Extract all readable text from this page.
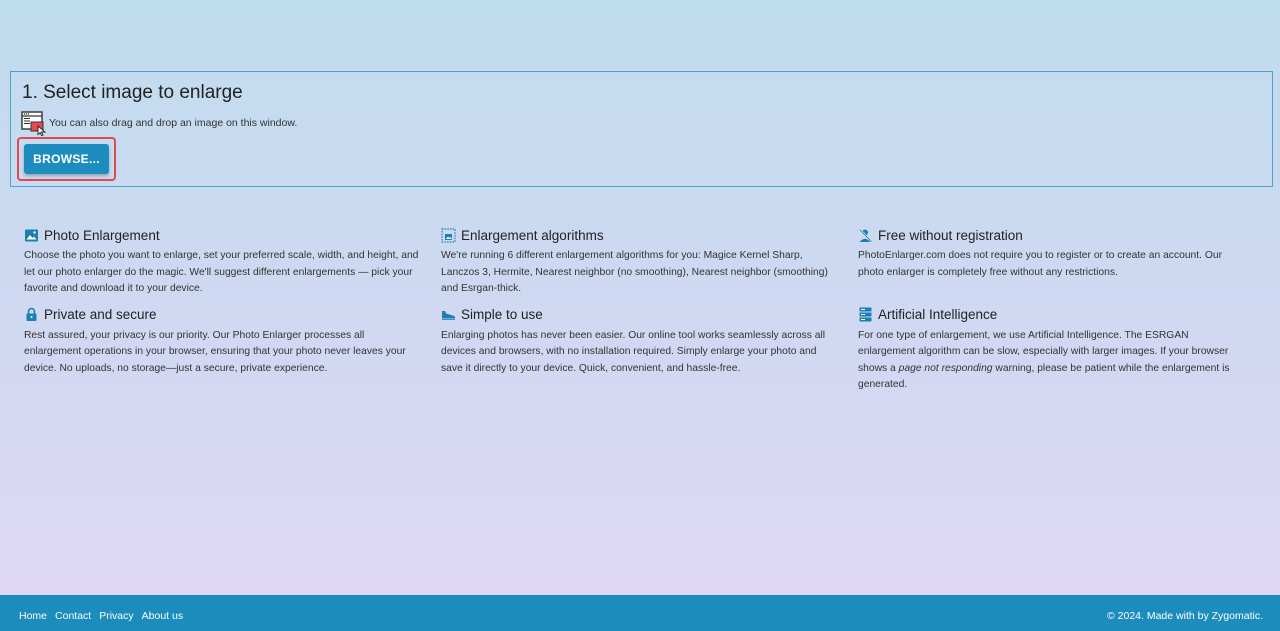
1. Select image to enlarge
You can also drag and drop an image on this window.
BROWSE...
Photo Enlargement

Choose the photo you want to enlarge, set your preferred scale, width, and height, and let our photo enlarger do the magic. We'll suggest different enlargements — pick your favorite and download it to your device.

Enlargement algorithms

We're running 6 different enlargement algorithms for you: Magice Kernel Sharp, Lanczos 3, Hermite, Nearest neighbor (no smoothing), Nearest neighbor (smoothing) and Esrgan-thick.

Free without registration

PhotoEnlarger.com does not require you to register or to create an account. Our photo enlarger is completely free without any restrictions.

Private and secure

Rest assured, your privacy is our priority. Our Photo Enlarger processes all enlargement operations in your browser, ensuring that your photo never leaves your device. No uploads, no storage—just a secure, private experience.

Simple to use

Enlarging photos has never been easier. Our online tool works seamlessly across all devices and browsers, with no installation required. Simply enlarge your photo and save it directly to your device. Quick, convenient, and hassle-free.

Artificial Intelligence

For one type of enlargement, we use Artificial Intelligence. The ESRGAN enlargement algorithm can be slow, especially with larger images. If your browser shows a page not responding warning, please be patient while the enlargement is generated.

Home Contact Privacy About us	© 2024. Made with by Zygomatic.
